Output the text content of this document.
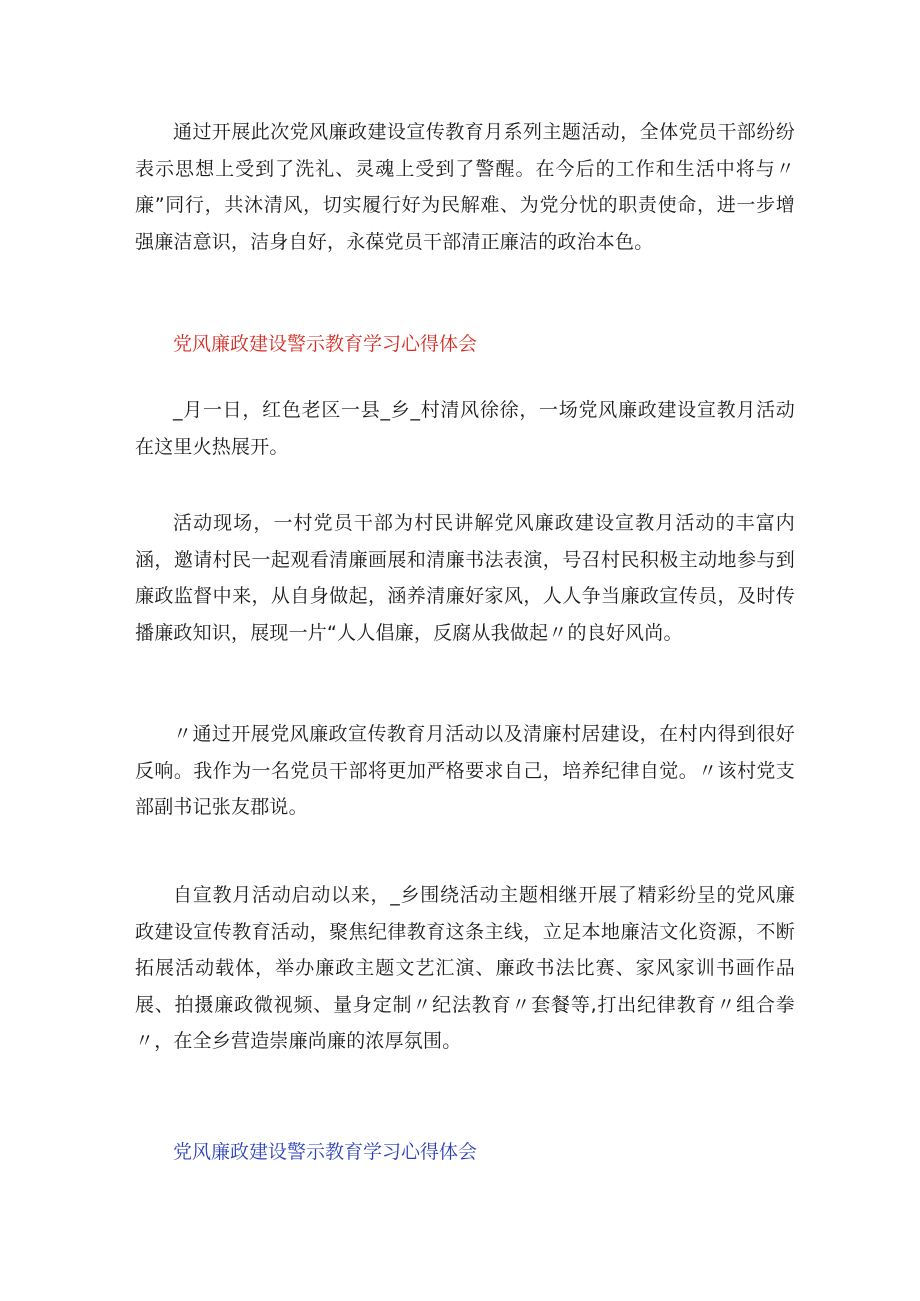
通过开展此次党风廉政建设宣传教育月系列主题活动，全体党员干部纷纷表示思想上受到了洗礼、灵魂上受到了警醒。在今后的工作和生活中将与〃廉”同行，共沐清风，切实履行好为民解难、为党分忧的职责使命，进一步增强廉洁意识，洁身自好，永葆党员干部清正廉洁的政治本色。

党风廉政建设警示教育学习心得体会

_月一日，红色老区一县_乡_村清风徐徐，一场党风廉政建设宣教月活动在这里火热展开。

活动现场，一村党员干部为村民讲解党风廉政建设宣教月活动的丰富内涵，邀请村民一起观看清廉画展和清廉书法表演，号召村民积极主动地参与到廉政监督中来，从自身做起，涵养清廉好家风，人人争当廉政宣传员，及时传播廉政知识，展现一片“人人倡廉，反腐从我做起〃的良好风尚。

〃通过开展党风廉政宣传教育月活动以及清廉村居建设，在村内得到很好反响。我作为一名党员干部将更加严格要求自己，培养纪律自觉。〃该村党支部副书记张友郡说。

自宣教月活动启动以来，_乡围绕活动主题相继开展了精彩纷呈的党风廉政建设宣传教育活动，聚焦纪律教育这条主线，立足本地廉洁文化资源，不断拓展活动载体，举办廉政主题文艺汇演、廉政书法比赛、家风家训书画作品展、拍摄廉政微视频、量身定制〃纪法教育〃套餐等,打出纪律教育〃组合拳〃，在全乡营造崇廉尚廉的浓厚氛围。

党风廉政建设警示教育学习心得体会
